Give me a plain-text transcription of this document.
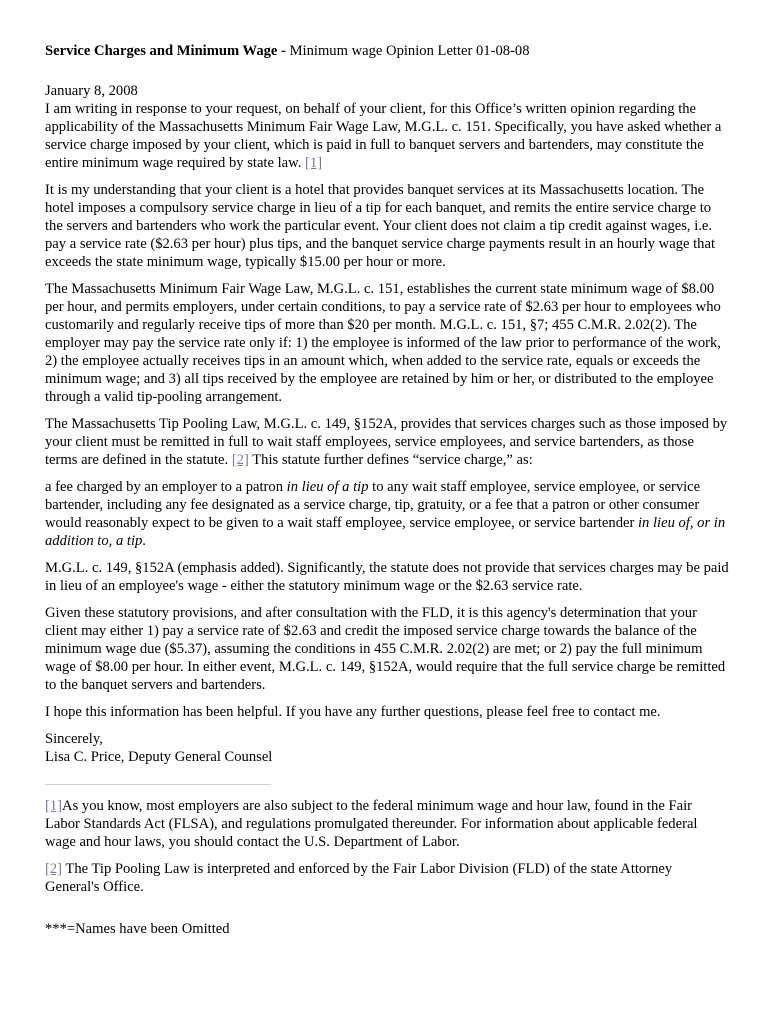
Service Charges and Minimum Wage - Minimum wage Opinion Letter 01-08-08

January 8, 2008

I am writing in response to your request, on behalf of your client, for this Office’s written opinion regarding the applicability of the Massachusetts Minimum Fair Wage Law, M.G.L. c. 151. Specifically, you have asked whether a service charge imposed by your client, which is paid in full to banquet servers and bartenders, may constitute the entire minimum wage required by state law. [1]

It is my understanding that your client is a hotel that provides banquet services at its Massachusetts location. The hotel imposes a compulsory service charge in lieu of a tip for each banquet, and remits the entire service charge to the servers and bartenders who work the particular event. Your client does not claim a tip credit against wages, i.e. pay a service rate ($2.63 per hour) plus tips, and the banquet service charge payments result in an hourly wage that exceeds the state minimum wage, typically $15.00 per hour or more.

The Massachusetts Minimum Fair Wage Law, M.G.L. c. 151, establishes the current state minimum wage of $8.00 per hour, and permits employers, under certain conditions, to pay a service rate of $2.63 per hour to employees who customarily and regularly receive tips of more than $20 per month. M.G.L. c. 151, §7; 455 C.M.R. 2.02(2). The employer may pay the service rate only if: 1) the employee is informed of the law prior to performance of the work, 2) the employee actually receives tips in an amount which, when added to the service rate, equals or exceeds the minimum wage; and 3) all tips received by the employee are retained by him or her, or distributed to the employee through a valid tip-pooling arrangement.

The Massachusetts Tip Pooling Law, M.G.L. c. 149, §152A, provides that services charges such as those imposed by your client must be remitted in full to wait staff employees, service employees, and service bartenders, as those terms are defined in the statute. [2] This statute further defines “service charge,” as:

a fee charged by an employer to a patron in lieu of a tip to any wait staff employee, service employee, or service bartender, including any fee designated as a service charge, tip, gratuity, or a fee that a patron or other consumer would reasonably expect to be given to a wait staff employee, service employee, or service bartender in lieu of, or in addition to, a tip.

M.G.L. c. 149, §152A (emphasis added). Significantly, the statute does not provide that services charges may be paid in lieu of an employee's wage - either the statutory minimum wage or the $2.63 service rate.

Given these statutory provisions, and after consultation with the FLD, it is this agency's determination that your client may either 1) pay a service rate of $2.63 and credit the imposed service charge towards the balance of the minimum wage due ($5.37), assuming the conditions in 455 C.M.R. 2.02(2) are met; or 2) pay the full minimum wage of $8.00 per hour. In either event, M.G.L. c. 149, §152A, would require that the full service charge be remitted to the banquet servers and bartenders.

I hope this information has been helpful. If you have any further questions, please feel free to contact me.

Sincerely,

Lisa C. Price, Deputy General Counsel

[1]As you know, most employers are also subject to the federal minimum wage and hour law, found in the Fair Labor Standards Act (FLSA), and regulations promulgated thereunder. For information about applicable federal wage and hour laws, you should contact the U.S. Department of Labor.

[2] The Tip Pooling Law is interpreted and enforced by the Fair Labor Division (FLD) of the state Attorney General's Office.

***=Names have been Omitted
